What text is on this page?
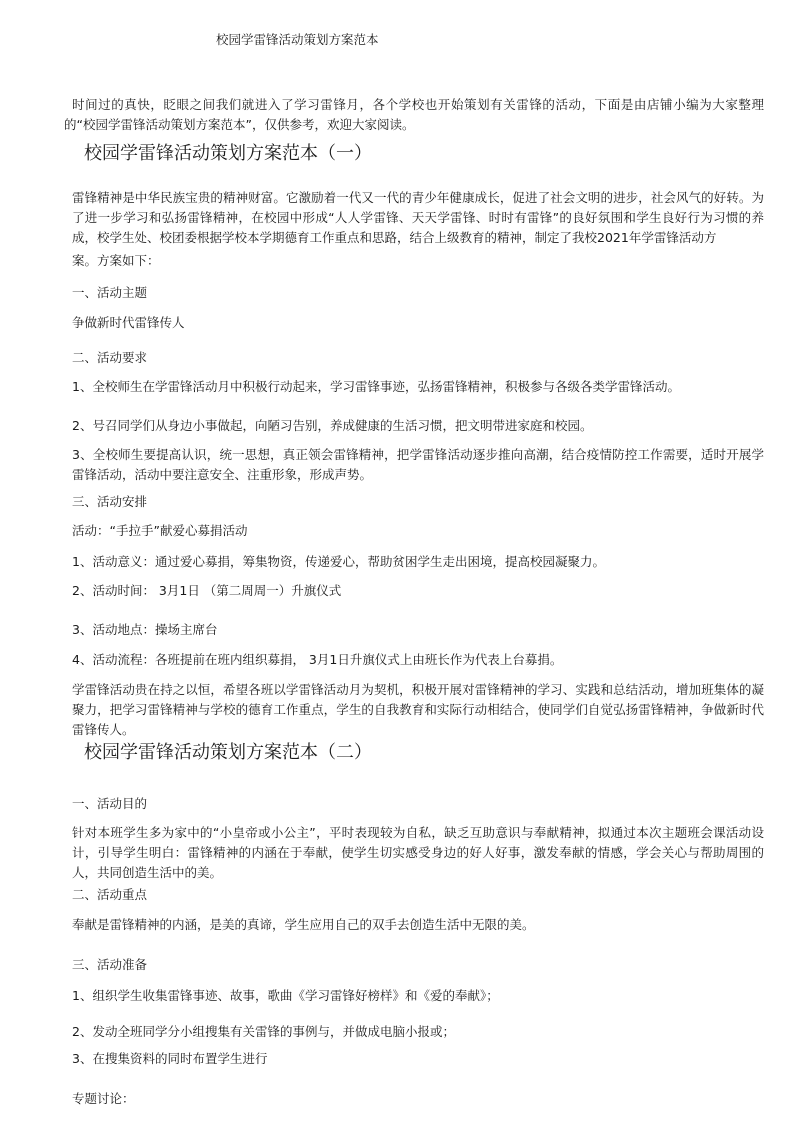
校园学雷锋活动策划方案范本

时间过的真快，眨眼之间我们就进入了学习雷锋月，各个学校也开始策划有关雷锋的活动，下面是由店铺小编为大家整理的“校园学雷锋活动策划方案范本”，仅供参考，欢迎大家阅读。

校园学雷锋活动策划方案范本（一）

雷锋精神是中华民族宝贵的精神财富。它激励着一代又一代的青少年健康成长，促进了社会文明的进步，社会风气的好转。为了进一步学习和弘扬雷锋精神，在校园中形成“人人学雷锋、天天学雷锋、时时有雷锋”的良好氛围和学生良好行为习惯的养成，校学生处、校团委根据学校本学期德育工作重点和思路，结合上级教育的精神，制定了我校2021年学雷锋活动方

案。方案如下：
一、活动主题
争做新时代雷锋传人
二、活动要求
1、全校师生在学雷锋活动月中积极行动起来，学习雷锋事迹，弘扬雷锋精神，积极参与各级各类学雷锋活动。
2、号召同学们从身边小事做起，向陋习告别，养成健康的生活习惯，把文明带进家庭和校园。

3、全校师生要提高认识，统一思想，真正领会雷锋精神，把学雷锋活动逐步推向高潮，结合疫情防控工作需要，适时开展学雷锋活动，活动中要注意安全、注重形象，形成声势。

三、活动安排
活动：“手拉手”献爱心募捐活动
1、活动意义：通过爱心募捐，筹集物资，传递爱心，帮助贫困学生走出困境，提高校园凝聚力。
2、活动时间： 3月1日 （第二周周一）升旗仪式
3、活动地点：操场主席台
4、活动流程：各班提前在班内组织募捐， 3月1日升旗仪式上由班长作为代表上台募捐。

学雷锋活动贵在持之以恒，希望各班以学雷锋活动月为契机，积极开展对雷锋精神的学习、实践和总结活动，增加班集体的凝聚力，把学习雷锋精神与学校的德育工作重点，学生的自我教育和实际行动相结合，使同学们自觉弘扬雷锋精神，争做新时代雷锋传人。

校园学雷锋活动策划方案范本（二）
一、活动目的

针对本班学生多为家中的“小皇帝或小公主”，平时表现较为自私，缺乏互助意识与奉献精神，拟通过本次主题班会课活动设计，引导学生明白：雷锋精神的内涵在于奉献，使学生切实感受身边的好人好事，激发奉献的情感，学会关心与帮助周围的人，共同创造生活中的美。

二、活动重点
奉献是雷锋精神的内涵，是美的真谛，学生应用自己的双手去创造生活中无限的美。
三、活动准备
1、组织学生收集雷锋事迹、故事，歌曲《学习雷锋好榜样》和《爱的奉献》；
2、发动全班同学分小组搜集有关雷锋的事例与，并做成电脑小报或；
3、在搜集资料的同时布置学生进行
专题讨论：
